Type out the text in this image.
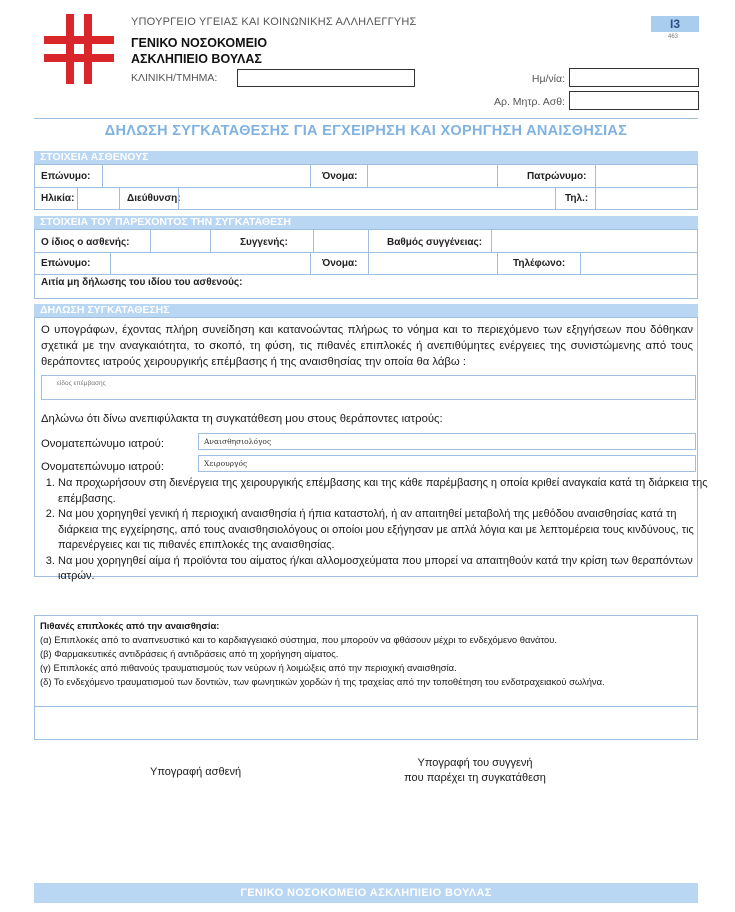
ΥΠΟΥΡΓΕΙΟ ΥΓΕΙΑΣ ΚΑΙ ΚΟΙΝΩΝΙΚΗΣ ΑΛΛΗΛΕΓΓΥΗΣ
ΓΕΝΙΚΟ ΝΟΣΟΚΟΜΕΙΟ
ΑΣΚΛΗΠΙΕΙΟ ΒΟΥΛΑΣ
ΚΛΙΝΙΚΗ/ΤΜΗΜΑ:
Ι3
463
Ημ/νία:
Αρ. Μητρ. Ασθ:
ΔΗΛΩΣΗ ΣΥΓΚΑΤΑΘΕΣΗΣ ΓΙΑ ΕΓΧΕΙΡΗΣΗ ΚΑΙ ΧΟΡΗΓΗΣΗ ΑΝΑΙΣΘΗΣΙΑΣ
ΣΤΟΙΧΕΙΑ ΑΣΘΕΝΟΥΣ
Επώνυμο:	Όνομα:	Πατρώνυμο:
Ηλικία:	Διεύθυνση:	Τηλ.:
ΣΤΟΙΧΕΙΑ ΤΟΥ ΠΑΡΕΧΟΝΤΟΣ ΤΗΝ ΣΥΓΚΑΤΑΘΕΣΗ
Ο ίδιος ο ασθενής:	Συγγενής:	Βαθμός συγγένειας:
Επώνυμο:	Όνομα:	Τηλέφωνο:
Αιτία μη δήλωσης του ιδίου του ασθενούς:
ΔΗΛΩΣΗ ΣΥΓΚΑΤΑΘΕΣΗΣ
Ο υπογράφων, έχοντας πλήρη συνείδηση και κατανοώντας πλήρως το νόημα και το περιεχόμενο των εξηγήσεων που δόθηκαν σχετικά με την αναγκαιότητα, το σκοπό, τη φύση, τις πιθανές επιπλοκές ή ανεπιθύμητες ενέργειες της συνιστώμενης από τους θεράποντες ιατρούς χειρουργικής επέμβασης ή της αναισθησίας την οποία θα λάβω :
είδος επέμβασης
Δηλώνω ότι δίνω ανεπιφύλακτα τη συγκατάθεση μου στους θεράποντες ιατρούς:
Ονοματεπώνυμο ιατρού:	Αναισθησιολόγος
Ονοματεπώνυμο ιατρού:	Χειρουργός
1. Να προχωρήσουν στη διενέργεια της χειρουργικής επέμβασης και της κάθε παρέμβασης η οποία κριθεί αναγκαία κατά τη διάρκεια της επέμβασης.
2. Να μου χορηγηθεί γενική ή περιοχική αναισθησία ή ήπια καταστολή, ή αν απαιτηθεί μεταβολή της μεθόδου αναισθησίας κατά τη διάρκεια της εγχείρησης, από τους αναισθησιολόγους οι οποίοι μου εξήγησαν με απλά λόγια και με λεπτομέρεια τους κινδύνους, τις παρενέργειες και τις πιθανές επιπλοκές της αναισθησίας.
3. Να μου χορηγηθεί αίμα ή προϊόντα του αίματος ή/και αλλομοσχεύματα που μπορεί να απαιτηθούν κατά την κρίση των θεραπόντων ιατρών.
Πιθανές επιπλοκές από την αναισθησία:
(α) Επιπλοκές από το αναπνευστικό και το καρδιαγγειακό σύστημα, που μπορούν να φθάσουν μέχρι το ενδεχόμενο θανάτου.
(β) Φαρμακευτικές αντιδράσεις ή αντιδράσεις από τη χορήγηση αίματος.
(γ) Επιπλοκές από πιθανούς τραυματισμούς των νεύρων ή λοιμώξεις από την περιοχική αναισθησία.
(δ) Το ενδεχόμενο τραυματισμού των δοντιών, των φωνητικών χορδών ή της τραχείας από την τοποθέτηση του ενδοτραχειακού σωλήνα.
Υπογραφή ασθενή
Υπογραφή του συγγενή
που παρέχει τη συγκατάθεση
ΓΕΝΙΚΟ ΝΟΣΟΚΟΜΕΙΟ ΑΣΚΛΗΠΙΕΙΟ ΒΟΥΛΑΣ
